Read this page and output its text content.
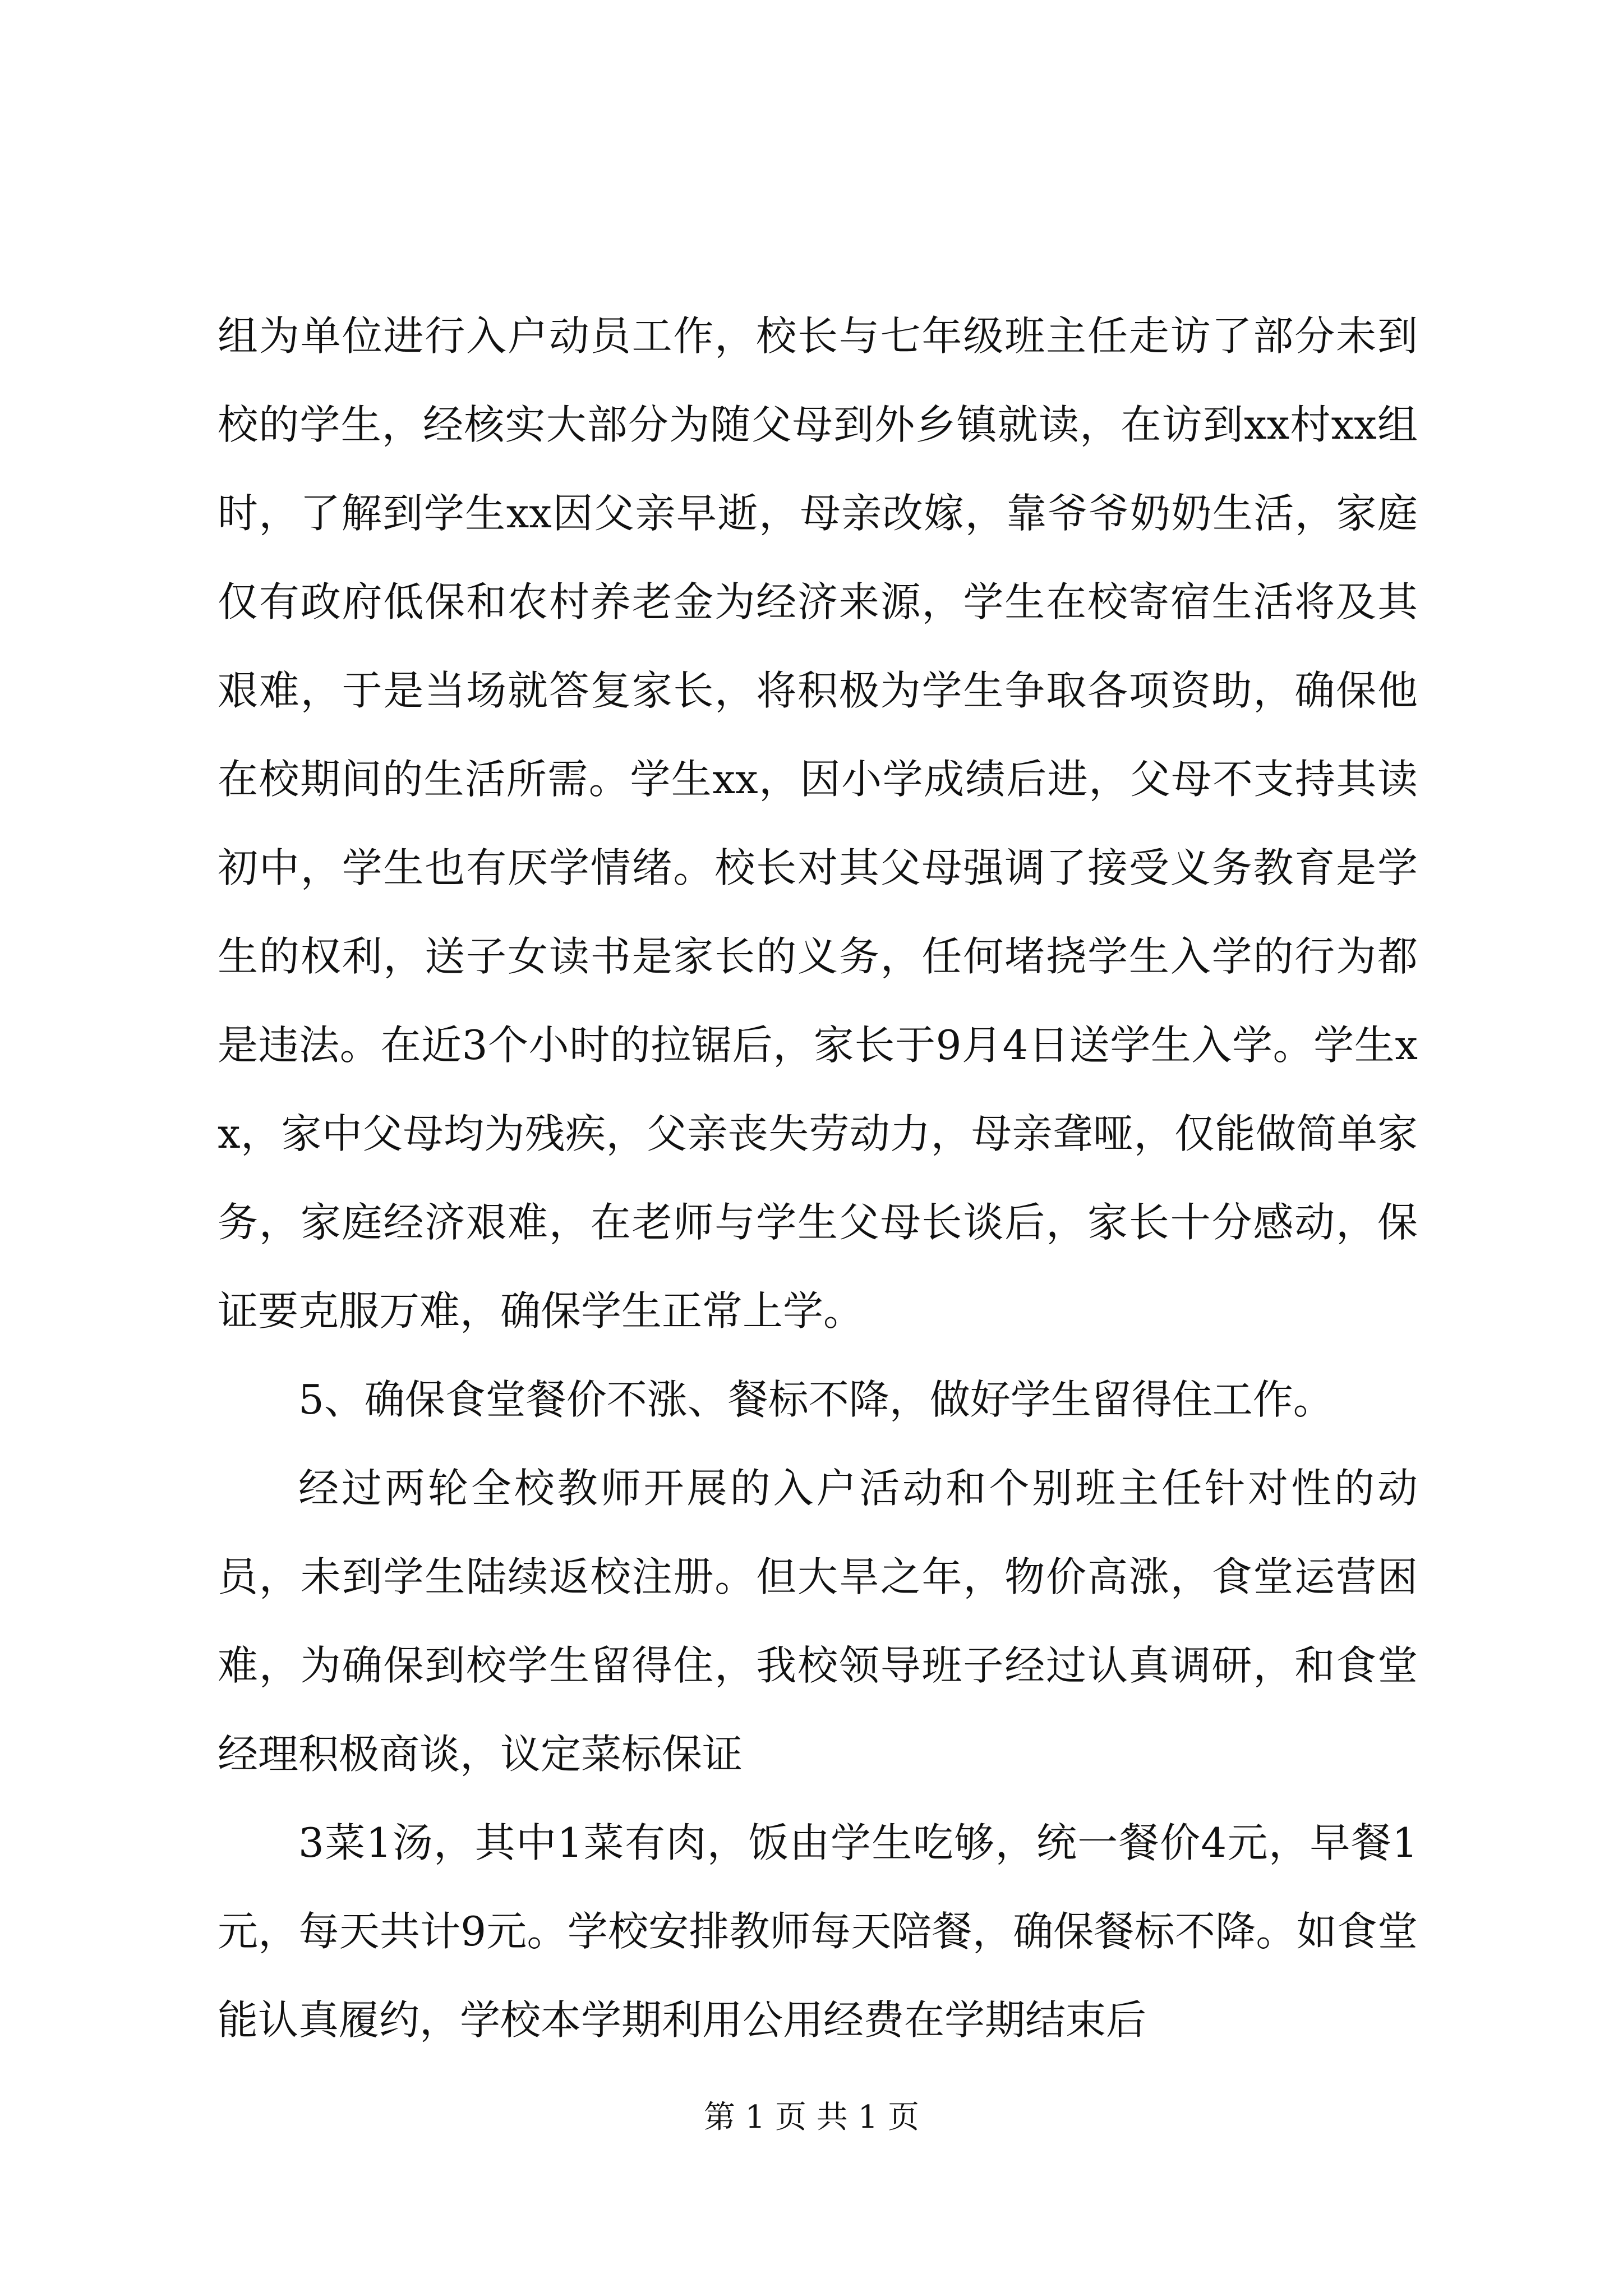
组为单位进行入户动员工作，校长与七年级班主任走访了部分未到校的学生，经核实大部分为随父母到外乡镇就读，在访到xx村xx组时，了解到学生xx因父亲早逝，母亲改嫁，靠爷爷奶奶生活，家庭仅有政府低保和农村养老金为经济来源，学生在校寄宿生活将及其艰难，于是当场就答复家长，将积极为学生争取各项资助，确保他在校期间的生活所需。学生xx，因小学成绩后进，父母不支持其读初中，学生也有厌学情绪。校长对其父母强调了接受义务教育是学生的权利，送子女读书是家长的义务，任何堵挠学生入学的行为都是违法。在近3个小时的拉锯后，家长于9月4日送学生入学。学生xx，家中父母均为残疾，父亲丧失劳动力，母亲聋哑，仅能做简单家务，家庭经济艰难，在老师与学生父母长谈后，家长十分感动，保证要克服万难，确保学生正常上学。

5、确保食堂餐价不涨、餐标不降，做好学生留得住工作。

经过两轮全校教师开展的入户活动和个别班主任针对性的动员，未到学生陆续返校注册。但大旱之年，物价高涨，食堂运营困难，为确保到校学生留得住，我校领导班子经过认真调研，和食堂经理积极商谈，议定菜标保证

3菜1汤，其中1菜有肉，饭由学生吃够，统一餐价4元，早餐1元，每天共计9元。学校安排教师每天陪餐，确保餐标不降。如食堂能认真履约，学校本学期利用公用经费在学期结束后

第 1 页 共 1 页
